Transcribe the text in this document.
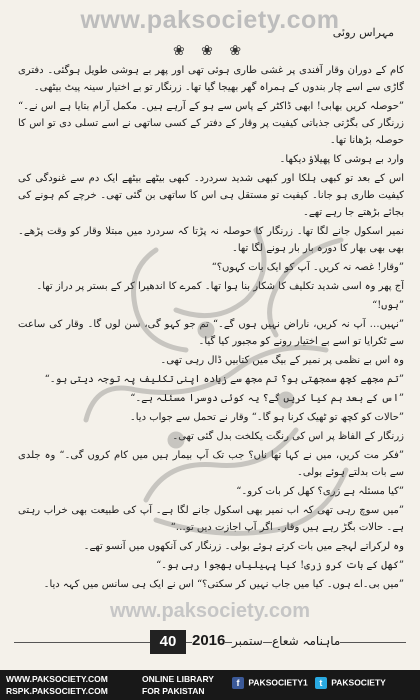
www.paksociety.com
مہراس روئی
❀ ❀ ❀

کام کے دوران وقار آفندی پر غشی طاری ہوئی تھی اور پھر بے ہوشی طویل ہوگئی۔ دفتری گاڑی سے اسے چار بندوں کے ہمراہ گھر بھیجا گیا تھا۔ زرنگار تو بے اختیار سینہ پیٹ بیٹھی۔

”حوصلہ کریں بھابی! ابھی ڈاکٹر کے پاس سے ہو کے آرہے ہیں۔ مکمل آرام بتایا ہے اس نے۔“ زرنگار کی بگڑتی جذباتی کیفیت پر وقار کے دفتر کے کسی ساتھی نے اسے تسلی دی تو اس کا حوصلہ بڑھانا تھا۔

وارد بے ہوشی کا پھیلاؤ دیکھا۔

اس کے بعد تو کبھی ہلکا اور کبھی شدید سردرد۔ کبھی بیٹھے بیٹھے ایک دم سے غنودگی کی کیفیت طاری ہو جانا۔ کیفیت تو مستقل ہی اس کا ساتھی بن گئی تھی۔ خرچے کم ہونے کی بجائے بڑھتے جا رہے تھے۔

نمیر اسکول جانے لگا تھا۔ زرنگار کا حوصلہ نہ پڑتا کہ سردرد میں مبتلا وقار کو وقت پڑھے۔ بھی بھی بھار کا دورہ بار بار ہونے لگا تھا۔

”وقار! غصہ نہ کریں۔ آپ کو ایک بات کہوں؟“

آج پھر وہ اسی شدید تکلیف کا شکار بنا ہوا تھا۔ کمرے کا اندھیرا کر کے بستر پر دراز تھا۔

”ہوں!“

”نہیں… آپ نہ کریں، ناراض نہیں ہوں گے۔“ تم جو کہو گی، سن لوں گا۔ وقار کی ساعت سے ٹکرایا تو اسے بے اختیار رونے کو مجبور کیا گیا۔

وہ اس بے نظمی پر نمیر کے بیگ میں کتابیں ڈال رہی تھی۔

”تم مجھے کچھ سمجھتی ہو؟ تم مجھ سے زیادہ اپنی تکلیف پہ توجہ دیتی ہو۔“

”اس کے بعد ہم کیا کریں گے؟ یہ کوئی دوسرا مسئلہ ہے۔“

”حالات کو کچھ تو ٹھیک کرنا ہو گا۔“ وقار نے تحمل سے جواب دیا۔

زرنگار کے الفاظ پر اس کی رنگت یکلخت بدل گئی تھی۔

”فکر مت کریں، میں نے کہا تھا ناں؟ جب تک آپ بیمار ہیں میں کام کروں گی۔“ وہ جلدی سے بات بدلتے ہوئے بولی۔

”کیا مسئلہ ہے زری؟ کھل کر بات کرو۔“

”میں سوچ رہی تھی کہ اب نمیر بھی اسکول جانے لگا ہے۔ آپ کی طبیعت بھی خراب رہتی ہے۔ حالات بگڑ رہے ہیں وقار۔ اگر آپ اجازت دیں تو…“

وہ لرکراتے لہجے میں بات کرتے ہوئے بولی۔ زرنگار کی آنکھوں میں آنسو تھے۔

”کھل کے بات کرو زری! کیا پہیلیاں بھجوا رہی ہو۔“

”میں بی۔اے ہوں۔ کیا میں جاب نہیں کر سکتی؟“ اس نے ایک ہی سانس میں کہہ دیا۔

www.paksociety.com
40	2016 ستمبر ماہنامہ شعاع
WWW.PAKSOCIETY.COM
RSPK.PAKSOCIETY.COM
ONLINE LIBRARY
FOR PAKISTAN
f PAKSOCIETY1 t PAKSOCIETY
